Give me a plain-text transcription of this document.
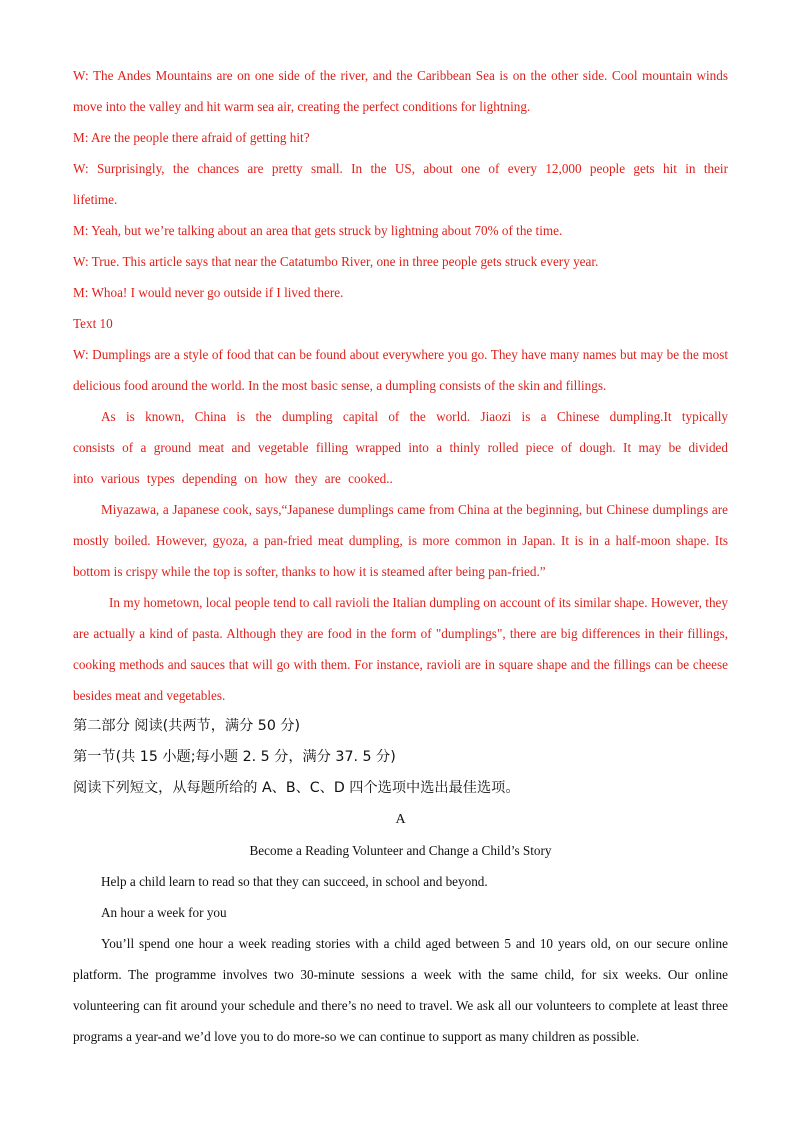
W: The Andes Mountains are on one side of the river, and the Caribbean Sea is on the other side. Cool mountain winds move into the valley and hit warm sea air, creating the perfect conditions for lightning.

M: Are the people there afraid of getting hit?

W: Surprisingly, the chances are pretty small. In the US, about one of every 12,000 people gets hit in their lifetime.

M: Yeah, but we’re talking about an area that gets struck by lightning about 70% of the time.

W: True. This article says that near the Catatumbo River, one in three people gets struck every year.

M: Whoa! I would never go outside if I lived there.

Text 10

W: Dumplings are a style of food that can be found about everywhere you go. They have many names but may be the most delicious food around the world. In the most basic sense, a dumpling consists of the skin and fillings.

As is known, China is the dumpling capital of the world. Jiaozi is a Chinese dumpling.It typically consists of a ground meat and vegetable filling wrapped into a thinly rolled piece of dough. It may be divided into various types depending on how they are cooked..

Miyazawa, a Japanese cook, says,“Japanese dumplings came from China at the beginning, but Chinese dumplings are mostly boiled. However, gyoza, a pan-fried meat dumpling, is more common in Japan. It is in a half-moon shape. Its bottom is crispy while the top is softer, thanks to how it is steamed after being pan-fried.”

In my hometown, local people tend to call ravioli the Italian dumpling on account of its similar shape. However, they are actually a kind of pasta. Although they are food in the form of "dumplings", there are big differences in their fillings, cooking methods and sauces that will go with them. For instance, ravioli are in square shape and the fillings can be cheese besides meat and vegetables.

第二部分 阅读(共两节，满分 50 分)

第一节(共 15 小题;每小题 2. 5 分，满分 37. 5 分)

阅读下列短文，从每题所给的 A、B、C、D 四个选项中选出最佳选项。

A

Become a Reading Volunteer and Change a Child’s Story

Help a child learn to read so that they can succeed, in school and beyond.

An hour a week for you

You’ll spend one hour a week reading stories with a child aged between 5 and 10 years old, on our secure online platform. The programme involves two 30-minute sessions a week with the same child, for six weeks. Our online volunteering can fit around your schedule and there’s no need to travel. We ask all our volunteers to complete at least three programs a year-and we’d love you to do more-so we can continue to support as many children as possible.
